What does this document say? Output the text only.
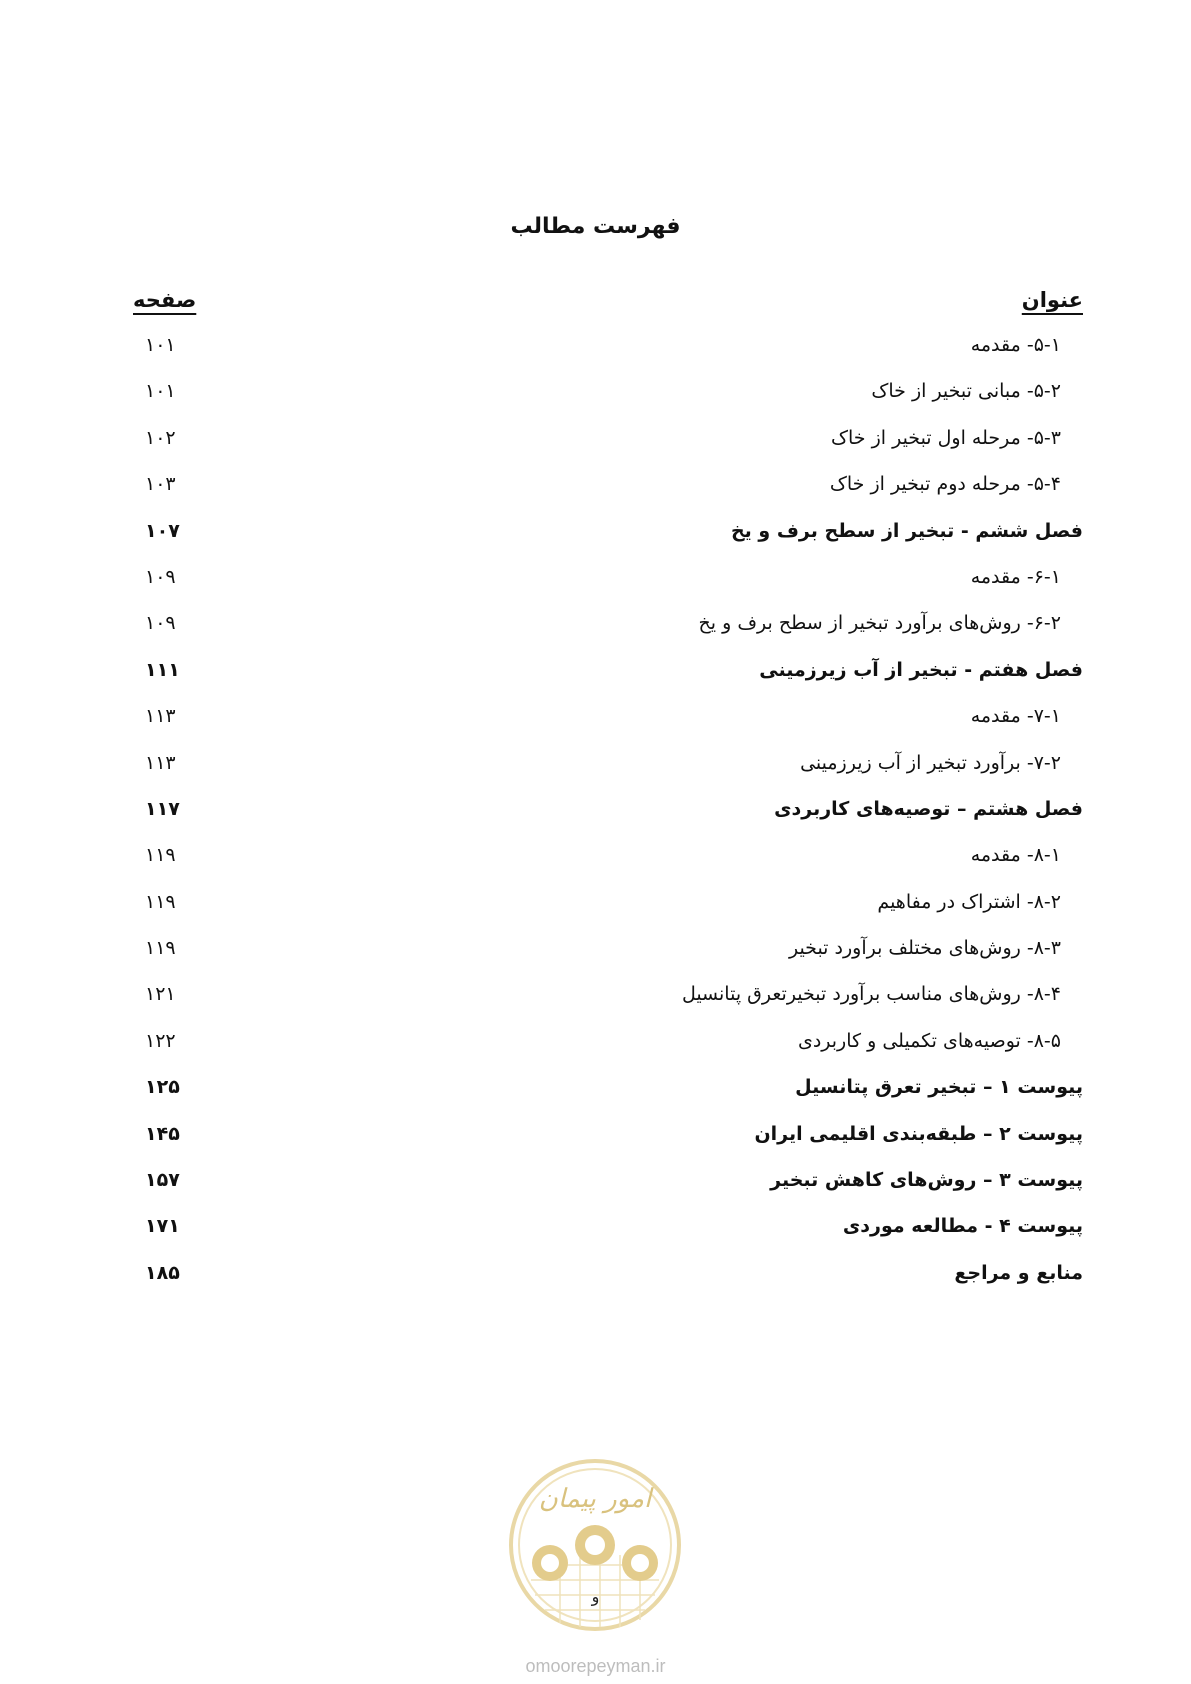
فهرست مطالب
عنوان
صفحه
۵-۱- مقدمه
۱۰۱
۵-۲- مبانی تبخیر از خاک
۱۰۱
۵-۳- مرحله اول تبخیر از خاک
۱۰۲
۵-۴- مرحله دوم تبخیر از خاک
۱۰۳
فصل ششم - تبخیر از سطح برف و یخ
۱۰۷
۶-۱- مقدمه
۱۰۹
۶-۲- روش‌های برآورد تبخیر از سطح برف و یخ
۱۰۹
فصل هفتم - تبخیر از آب زیرزمینی
۱۱۱
۷-۱- مقدمه
۱۱۳
۷-۲- برآورد تبخیر از آب زیرزمینی
۱۱۳
فصل هشتم – توصیه‌های کاربردی
۱۱۷
۸-۱- مقدمه
۱۱۹
۸-۲- اشتراک در مفاهیم
۱۱۹
۸-۳- روش‌های مختلف برآورد تبخیر
۱۱۹
۸-۴- روش‌های مناسب برآورد تبخیرتعرق پتانسیل
۱۲۱
۸-۵- توصیه‌های تکمیلی و کاربردی
۱۲۲
پیوست ۱ – تبخیر تعرق پتانسیل
۱۲۵
پیوست ۲ – طبقه‌بندی اقلیمی ایران
۱۴۵
پیوست ۳ – روش‌های کاهش تبخیر
۱۵۷
پیوست ۴ - مطالعه موردی
۱۷۱
منابع و مراجع
۱۸۵
امور پیمان
و
omoorepeyman.ir
